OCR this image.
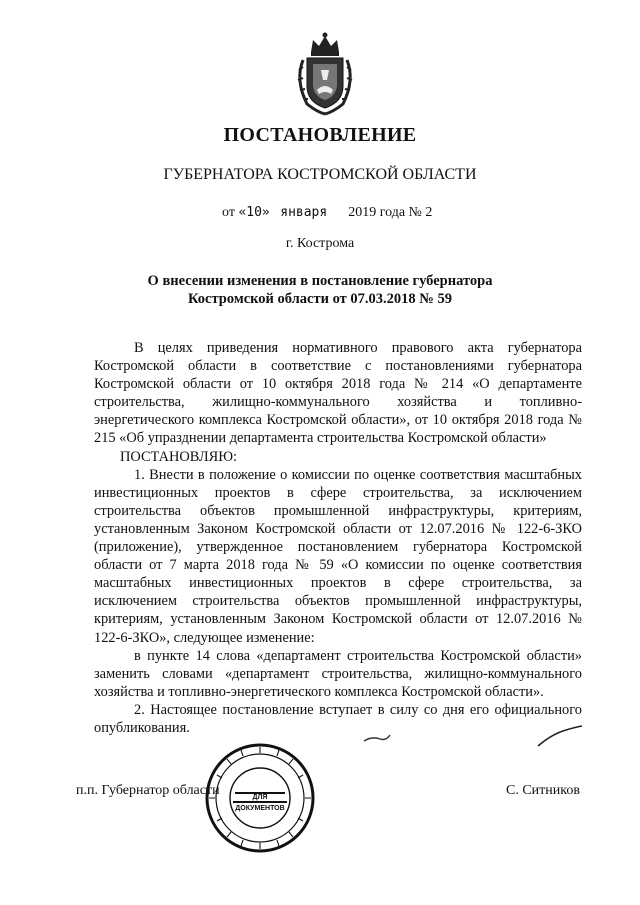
ПОСТАНОВЛЕНИЕ
ГУБЕРНАТОРА КОСТРОМСКОЙ ОБЛАСТИ
от «10» января 2019 года № 2
г. Кострома
О внесении изменения в постановление губернатора
Костромской области от 07.03.2018 № 59

В целях приведения нормативного правового акта губернатора Костромской области в соответствие с постановлениями губернатора Костромской области от 10 октября 2018 года № 214 «О департаменте строительства, жилищно-коммунального хозяйства и топливно-энергетического комплекса Костромской области», от 10 октября 2018 года № 215 «Об упразднении департамента строительства Костромской области»

ПОСТАНОВЛЯЮ:

1. Внести в положение о комиссии по оценке соответствия масштабных инвестиционных проектов в сфере строительства, за исключением строительства объектов промышленной инфраструктуры, критериям, установленным Законом Костромской области от 12.07.2016 № 122-6-ЗКО (приложение), утвержденное постановлением губернатора Костромской области от 7 марта 2018 года № 59 «О комиссии по оценке соответствия масштабных инвестиционных проектов в сфере строительства, за исключением строительства объектов промышленной инфраструктуры, критериям, установленным Законом Костромской области от 12.07.2016 № 122-6-ЗКО», следующее изменение:

в пункте 14 слова «департамент строительства Костромской области» заменить словами «департамент строительства, жилищно-коммунального хозяйства и топливно-энергетического комплекса Костромской области».

2. Настоящее постановление вступает в силу со дня его официального опубликования.

п.п. Губернатор области	С. Ситников
ДЛЯ
ДОКУМЕНТОВ
